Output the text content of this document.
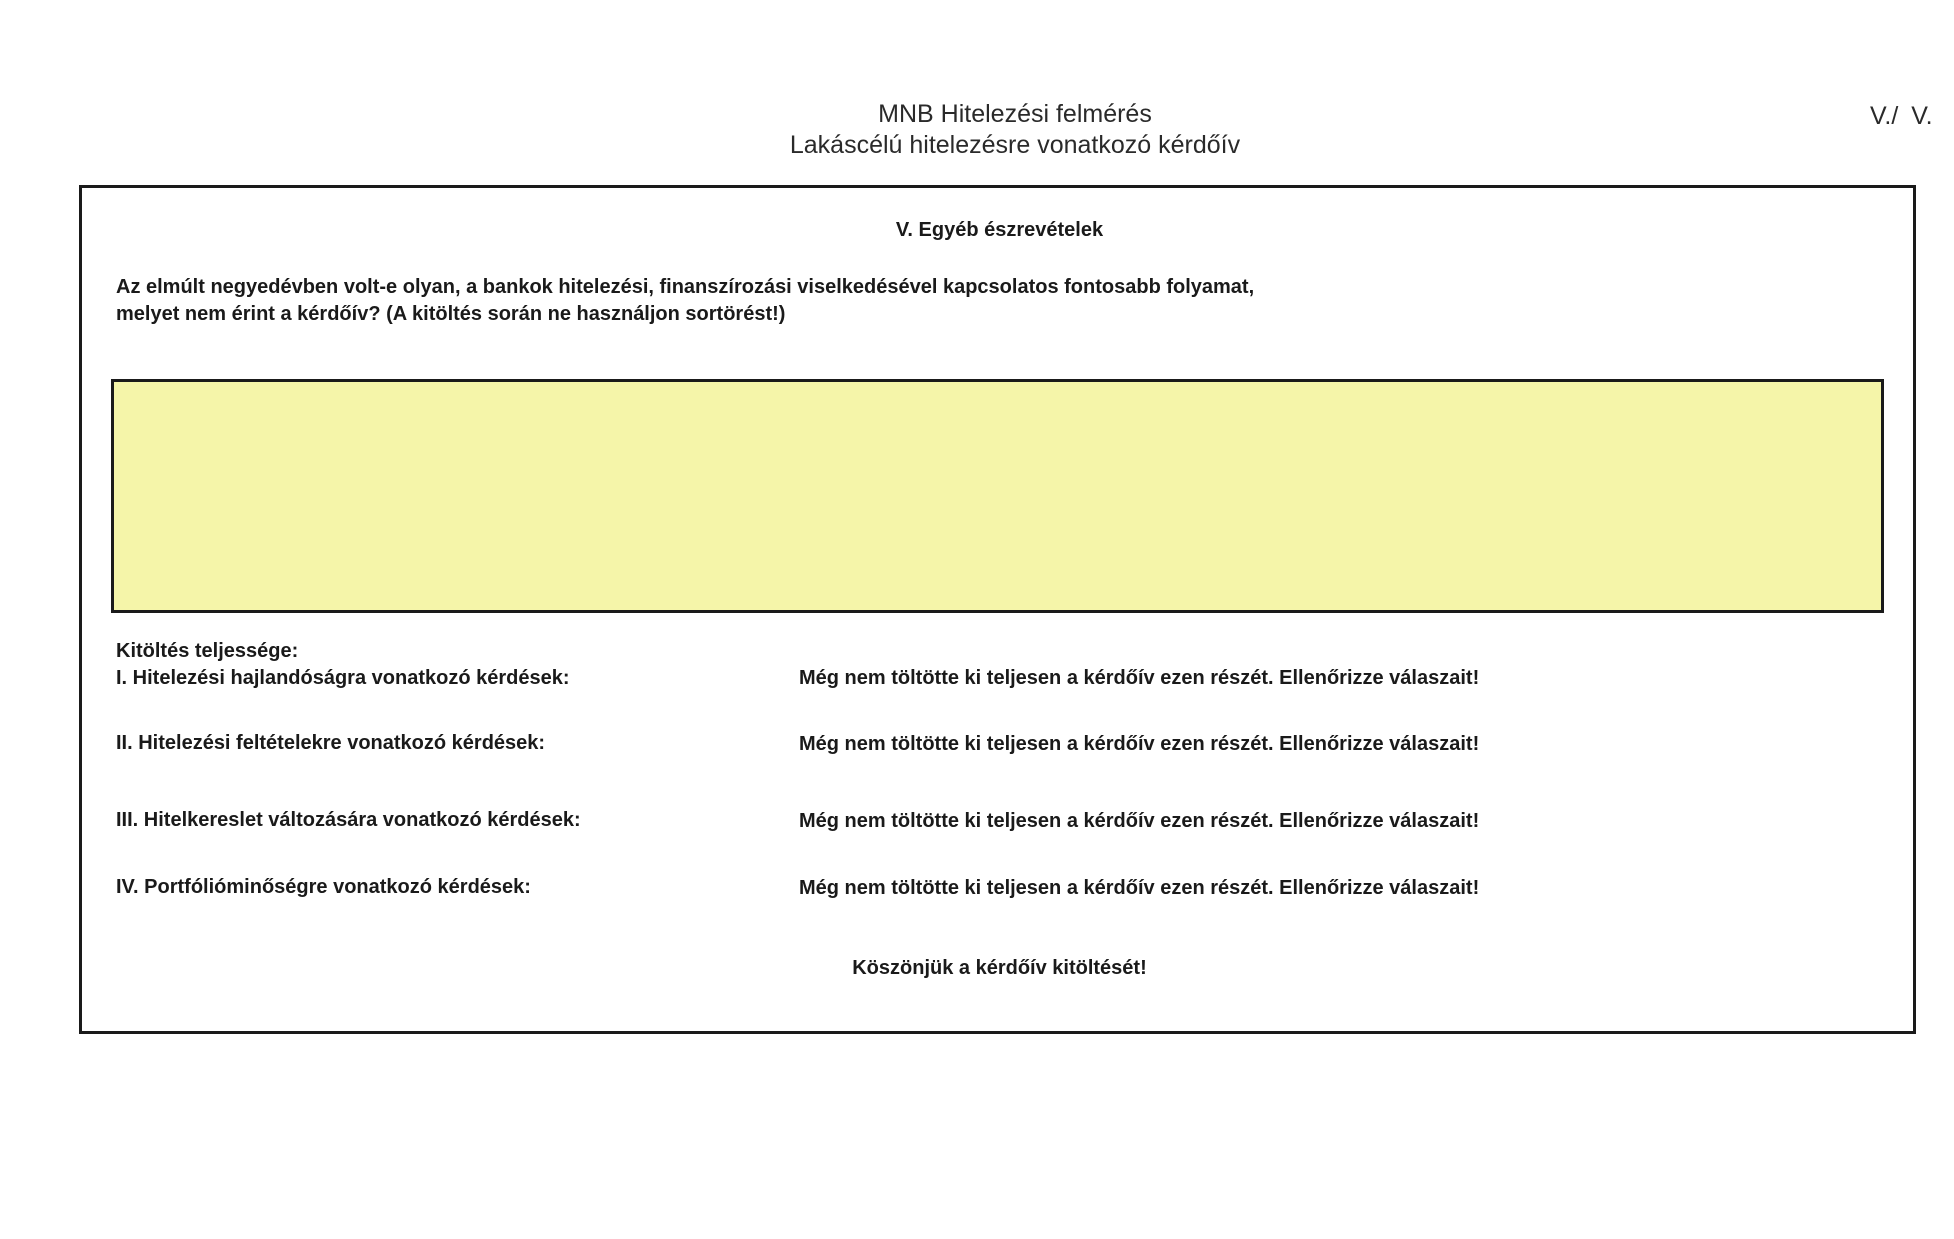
MNB Hitelezési felmérés
Lakáscélú hitelezésre vonatkozó kérdőív
V./ V.
V. Egyéb észrevételek
Az elmúlt negyedévben volt-e olyan, a bankok hitelezési, finanszírozási viselkedésével kapcsolatos fontosabb folyamat,
melyet nem érint a kérdőív? (A kitöltés során ne használjon sortörést!)
Kitöltés teljessége:
I. Hitelezési hajlandóságra vonatkozó kérdések:	Még nem töltötte ki teljesen a kérdőív ezen részét. Ellenőrizze válaszait!
II. Hitelezési feltételekre vonatkozó kérdések:	Még nem töltötte ki teljesen a kérdőív ezen részét. Ellenőrizze válaszait!
III. Hitelkereslet változására vonatkozó kérdések:	Még nem töltötte ki teljesen a kérdőív ezen részét. Ellenőrizze válaszait!
IV. Portfólióminőségre vonatkozó kérdések:	Még nem töltötte ki teljesen a kérdőív ezen részét. Ellenőrizze válaszait!
Köszönjük a kérdőív kitöltését!
